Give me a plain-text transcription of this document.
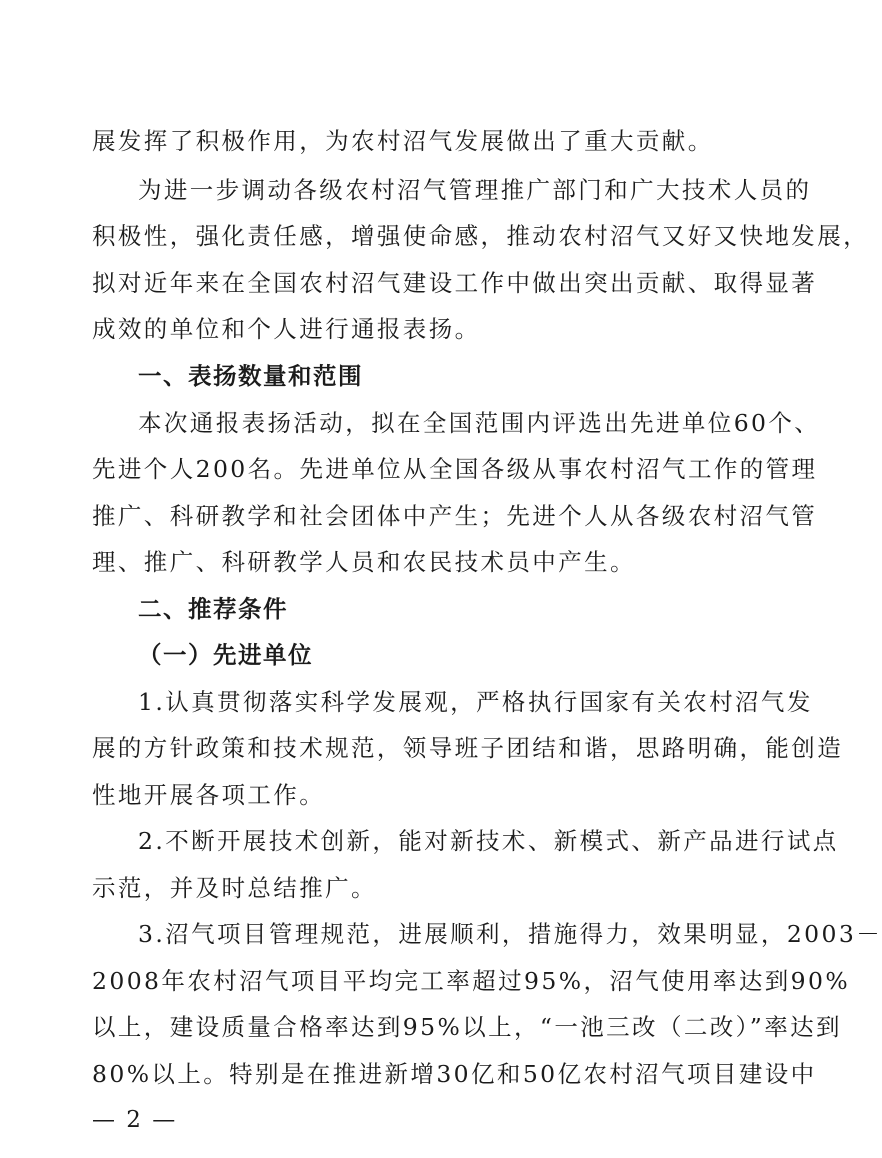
展发挥了积极作用，为农村沼气发展做出了重大贡献。
为进一步调动各级农村沼气管理推广部门和广大技术人员的
积极性，强化责任感，增强使命感，推动农村沼气又好又快地发展，
拟对近年来在全国农村沼气建设工作中做出突出贡献、取得显著
成效的单位和个人进行通报表扬。
一、表扬数量和范围
本次通报表扬活动，拟在全国范围内评选出先进单位60个、
先进个人200名。先进单位从全国各级从事农村沼气工作的管理
推广、科研教学和社会团体中产生；先进个人从各级农村沼气管
理、推广、科研教学人员和农民技术员中产生。
二、推荐条件
（一）先进单位
1.认真贯彻落实科学发展观，严格执行国家有关农村沼气发
展的方针政策和技术规范，领导班子团结和谐，思路明确，能创造
性地开展各项工作。
2.不断开展技术创新，能对新技术、新模式、新产品进行试点
示范，并及时总结推广。
3.沼气项目管理规范，进展顺利，措施得力，效果明显，2003－
2008年农村沼气项目平均完工率超过95%，沼气使用率达到90%
以上，建设质量合格率达到95%以上，“一池三改（二改）”率达到
80%以上。特别是在推进新增30亿和50亿农村沼气项目建设中
— 2 —
